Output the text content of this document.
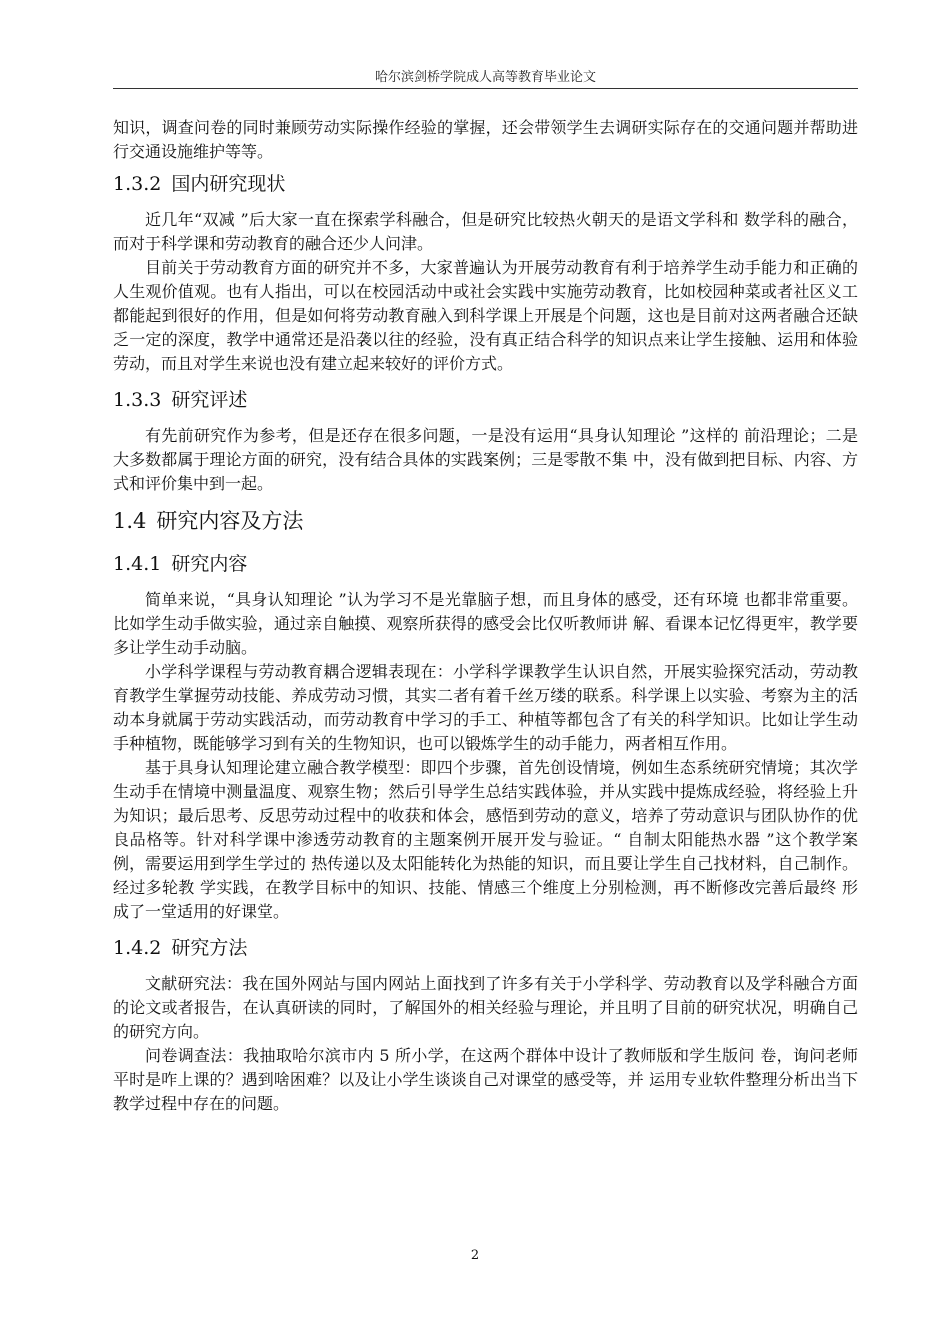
哈尔滨剑桥学院成人高等教育毕业论文

知识，调查问卷的同时兼顾劳动实际操作经验的掌握，还会带领学生去调研实际存在的交通问题并帮助进行交通设施维护等等。

1.3.2 国内研究现状

近几年“双减 ”后大家一直在探索学科融合，但是研究比较热火朝天的是语文学科和 数学科的融合，而对于科学课和劳动教育的融合还少人问津。

目前关于劳动教育方面的研究并不多，大家普遍认为开展劳动教育有利于培养学生动手能力和正确的人生观价值观。也有人指出，可以在校园活动中或社会实践中实施劳动教育，比如校园种菜或者社区义工都能起到很好的作用，但是如何将劳动教育融入到科学课上开展是个问题，这也是目前对这两者融合还缺乏一定的深度，教学中通常还是沿袭以往的经验，没有真正结合科学的知识点来让学生接触、运用和体验劳动，而且对学生来说也没有建立起来较好的评价方式。

1.3.3 研究评述

有先前研究作为参考，但是还存在很多问题，一是没有运用“具身认知理论 ”这样的 前沿理论；二是大多数都属于理论方面的研究，没有结合具体的实践案例；三是零散不集 中，没有做到把目标、内容、方式和评价集中到一起。

1.4 研究内容及方法
1.4.1 研究内容

简单来说，“具身认知理论 ”认为学习不是光靠脑子想，而且身体的感受，还有环境 也都非常重要。比如学生动手做实验，通过亲自触摸、观察所获得的感受会比仅听教师讲 解、看课本记忆得更牢，教学要多让学生动手动脑。

小学科学课程与劳动教育耦合逻辑表现在：小学科学课教学生认识自然，开展实验探究活动，劳动教育教学生掌握劳动技能、养成劳动习惯，其实二者有着千丝万缕的联系。科学课上以实验、考察为主的活动本身就属于劳动实践活动，而劳动教育中学习的手工、种植等都包含了有关的科学知识。比如让学生动手种植物，既能够学习到有关的生物知识，也可以锻炼学生的动手能力，两者相互作用。

基于具身认知理论建立融合教学模型：即四个步骤，首先创设情境，例如生态系统研究情境；其次学生动手在情境中测量温度、观察生物；然后引导学生总结实践体验，并从实践中提炼成经验，将经验上升为知识；最后思考、反思劳动过程中的收获和体会，感悟到劳动的意义，培养了劳动意识与团队协作的优良品格等。针对科学课中渗透劳动教育的主题案例开展开发与验证。“ 自制太阳能热水器 ”这个教学案例，需要运用到学生学过的 热传递以及太阳能转化为热能的知识，而且要让学生自己找材料，自己制作。经过多轮教 学实践，在教学目标中的知识、技能、情感三个维度上分别检测，再不断修改完善后最终 形成了一堂适用的好课堂。

1.4.2 研究方法

文献研究法：我在国外网站与国内网站上面找到了许多有关于小学科学、劳动教育以及学科融合方面的论文或者报告，在认真研读的同时，了解国外的相关经验与理论，并且明了目前的研究状况，明确自己的研究方向。

问卷调查法：我抽取哈尔滨市内 5 所小学，在这两个群体中设计了教师版和学生版问 卷，询问老师平时是咋上课的？遇到啥困难？以及让小学生谈谈自己对课堂的感受等，并 运用专业软件整理分析出当下教学过程中存在的问题。

2
